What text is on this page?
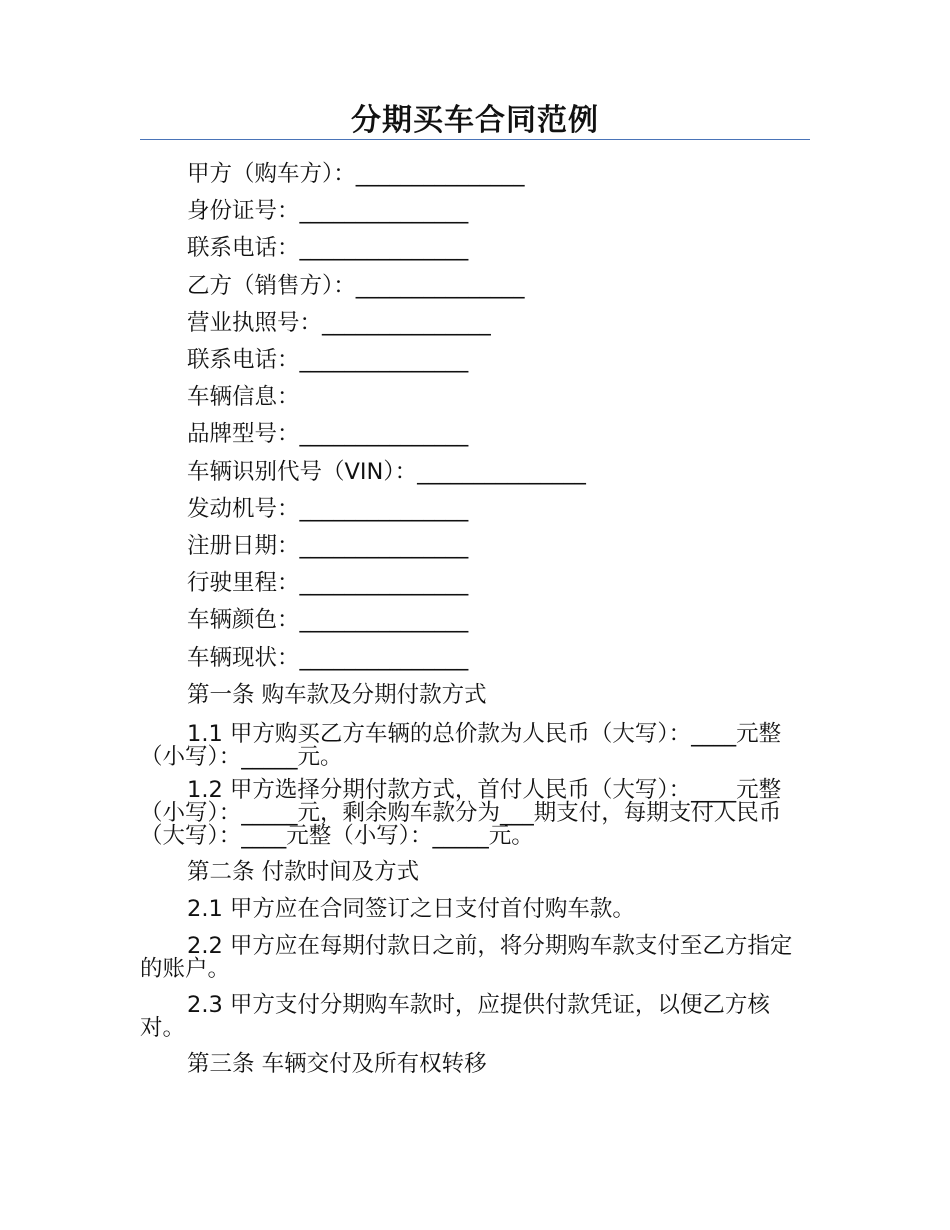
分期买车合同范例
甲方（购车方）：_______________
身份证号：_______________
联系电话：_______________
乙方（销售方）：_______________
营业执照号：_______________
联系电话：_______________
车辆信息：
品牌型号：_______________
车辆识别代号（VIN）：_______________
发动机号：_______________
注册日期：_______________
行驶里程：_______________
车辆颜色：_______________
车辆现状：_______________
第一条 购车款及分期付款方式
1.1 甲方购买乙方车辆的总价款为人民币（大写）：____元整（小写）：_____元。
1.2 甲方选择分期付款方式，首付人民币（大写）：____元整（小写）：_____元，剩余购车款分为___期支付，每期支付人民币（大写）：____元整（小写）：_____元。
第二条 付款时间及方式
2.1 甲方应在合同签订之日支付首付购车款。
2.2 甲方应在每期付款日之前，将分期购车款支付至乙方指定的账户。
2.3 甲方支付分期购车款时，应提供付款凭证，以便乙方核对。
第三条 车辆交付及所有权转移
